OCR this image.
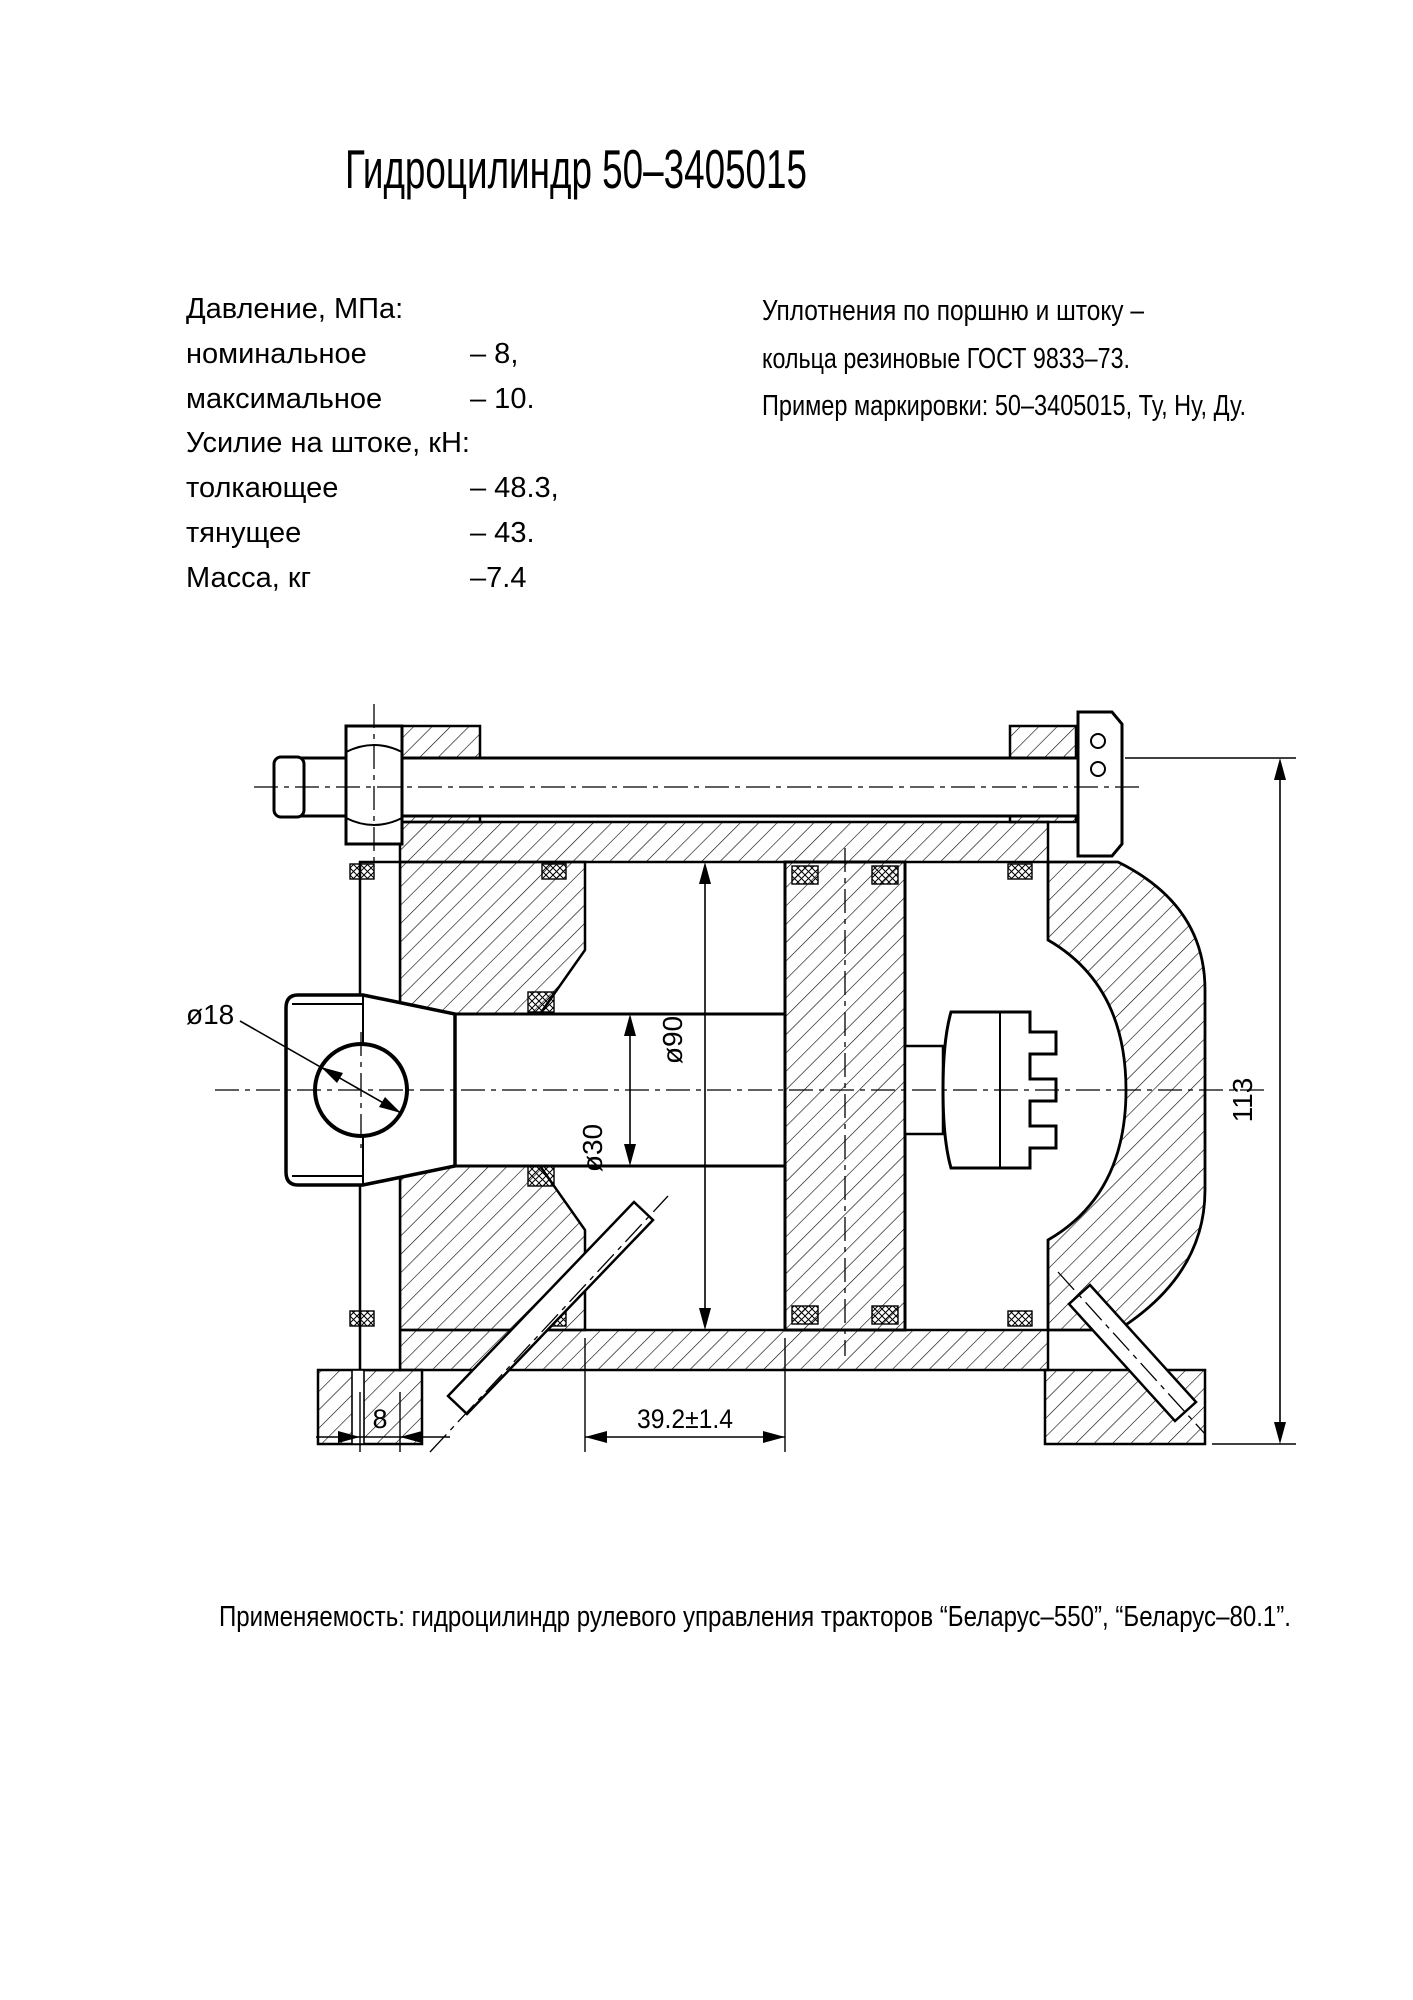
Гидроцилиндр 50–3405015
Давление, МПа:
номинальное	– 8,
максимальное	– 10.
Усилие на штоке, кН:
толкающее	– 48.3,
тянущее	– 43.
Масса, кг	–7.4
Уплотнения по поршню и штоку –
кольца резиновые ГОСТ 9833–73.
Пример маркировки: 50–3405015, Ту, Ну, Ду.
ø18
ø90
ø30
113
8	39.2±1.4
Применяемость: гидроцилиндр рулевого управления тракторов “Беларус–550”, “Беларус–80.1”.
